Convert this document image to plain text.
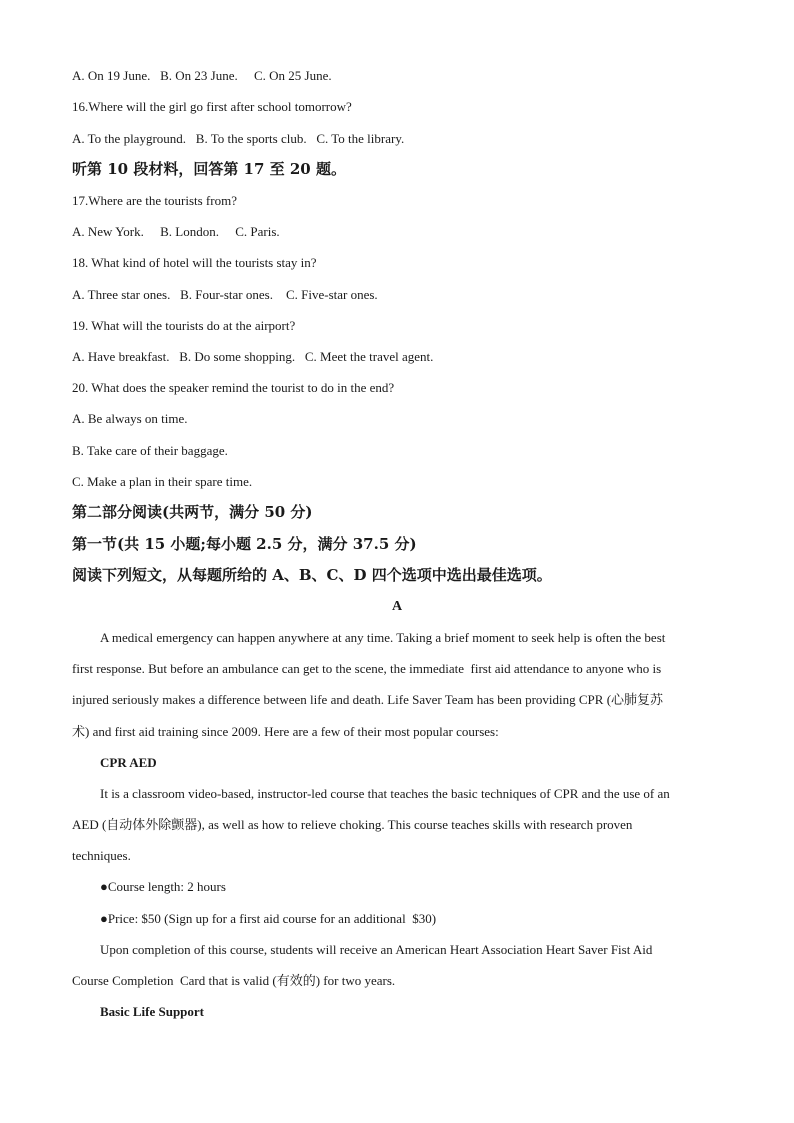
A. On 19 June.   B. On 23 June.     C. On 25 June.
16.Where will the girl go first after school tomorrow?
A. To the playground.   B. To the sports club.   C. To the library.
听第 10 段材料，回答第 17 至 20 题。
17.Where are the tourists from?
A. New York.     B. London.     C. Paris.
18. What kind of hotel will the tourists stay in?
A. Three star ones.   B. Four-star ones.    C. Five-star ones.
19. What will the tourists do at the airport?
A. Have breakfast.   B. Do some shopping.   C. Meet the travel agent.
20. What does the speaker remind the tourist to do in the end?
A. Be always on time.
B. Take care of their baggage.
C. Make a plan in their spare time.
第二部分阅读(共两节，满分 50 分)
第一节(共 15 小题;每小题 2.5 分，满分 37.5 分)
阅读下列短文，从每题所给的 A、B、C、D 四个选项中选出最佳选项。
A
A medical emergency can happen anywhere at any time. Taking a brief moment to seek help is often the best
first response. But before an ambulance can get to the scene, the immediate  first aid attendance to anyone who is
injured seriously makes a difference between life and death. Life Saver Team has been providing CPR (心肺复苏
术) and first aid training since 2009. Here are a few of their most popular courses:
CPR AED
It is a classroom video-based, instructor-led course that teaches the basic techniques of CPR and the use of an
AED (自动体外除颤器), as well as how to relieve choking. This course teaches skills with research proven
techniques.
●Course length: 2 hours
●Price: $50 (Sign up for a first aid course for an additional  $30)
Upon completion of this course, students will receive an American Heart Association Heart Saver Fist Aid
Course Completion  Card that is valid (有效的) for two years.
Basic Life Support
